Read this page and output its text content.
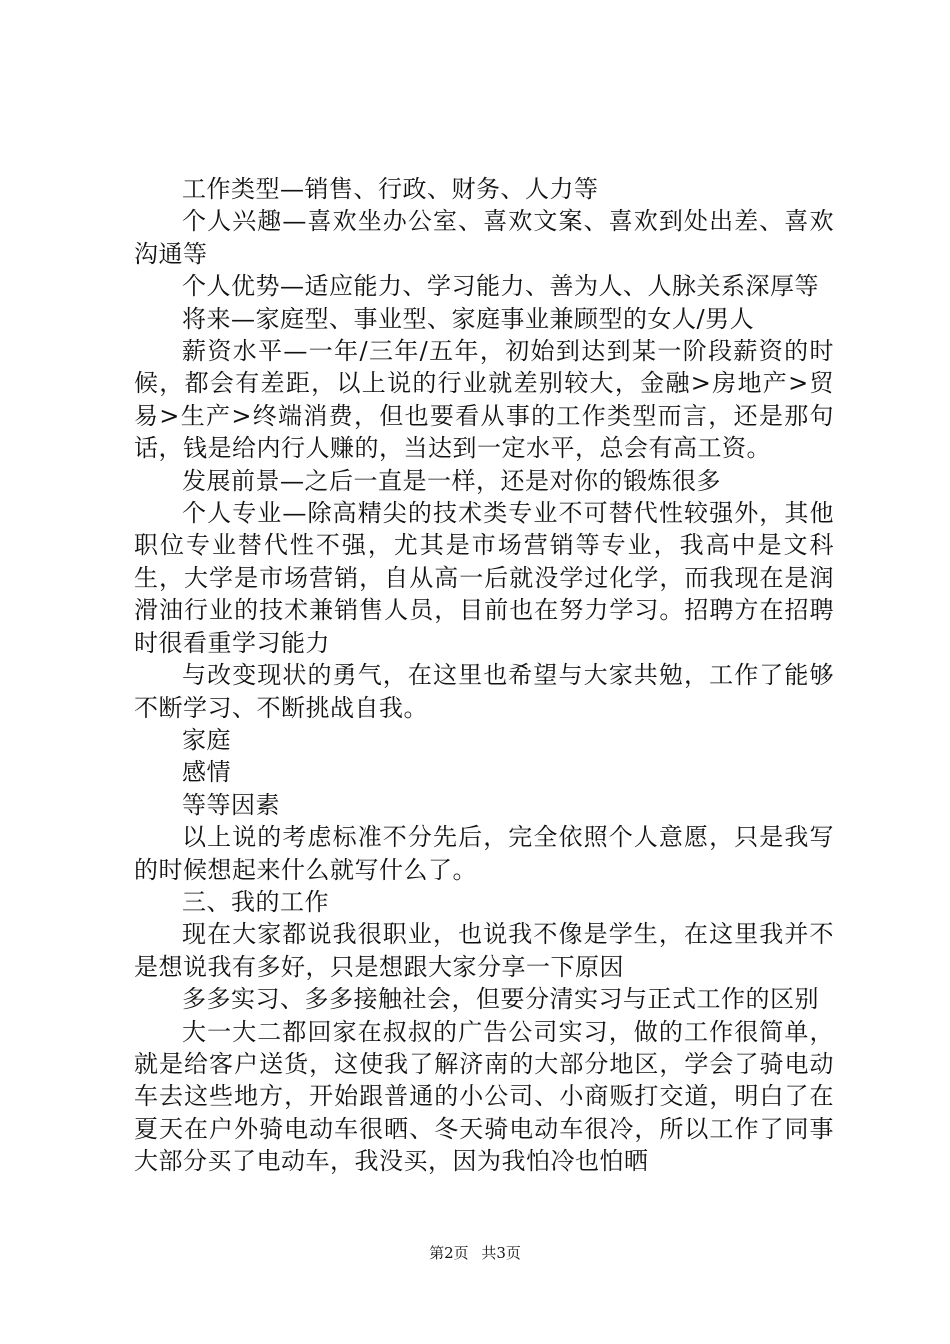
工作类型—销售、行政、财务、人力等

个人兴趣—喜欢坐办公室、喜欢文案、喜欢到处出差、喜欢沟通等

个人优势—适应能力、学习能力、善为人、人脉关系深厚等

将来—家庭型、事业型、家庭事业兼顾型的女人/男人

薪资水平—一年/三年/五年，初始到达到某一阶段薪资的时候，都会有差距，以上说的行业就差别较大，金融>房地产>贸易>生产>终端消费，但也要看从事的工作类型而言，还是那句话，钱是给内行人赚的，当达到一定水平，总会有高工资。

发展前景—之后一直是一样，还是对你的锻炼很多

个人专业—除高精尖的技术类专业不可替代性较强外，其他职位专业替代性不强，尤其是市场营销等专业，我高中是文科生，大学是市场营销，自从高一后就没学过化学，而我现在是润滑油行业的技术兼销售人员，目前也在努力学习。招聘方在招聘时很看重学习能力

与改变现状的勇气，在这里也希望与大家共勉，工作了能够不断学习、不断挑战自我。

家庭

感情

等等因素

以上说的考虑标准不分先后，完全依照个人意愿，只是我写的时候想起来什么就写什么了。

三、我的工作

现在大家都说我很职业，也说我不像是学生，在这里我并不是想说我有多好，只是想跟大家分享一下原因

多多实习、多多接触社会，但要分清实习与正式工作的区别

大一大二都回家在叔叔的广告公司实习，做的工作很简单，就是给客户送货，这使我了解济南的大部分地区，学会了骑电动车去这些地方，开始跟普通的小公司、小商贩打交道，明白了在夏天在户外骑电动车很晒、冬天骑电动车很冷，所以工作了同事大部分买了电动车，我没买，因为我怕冷也怕晒

第2页 共3页
